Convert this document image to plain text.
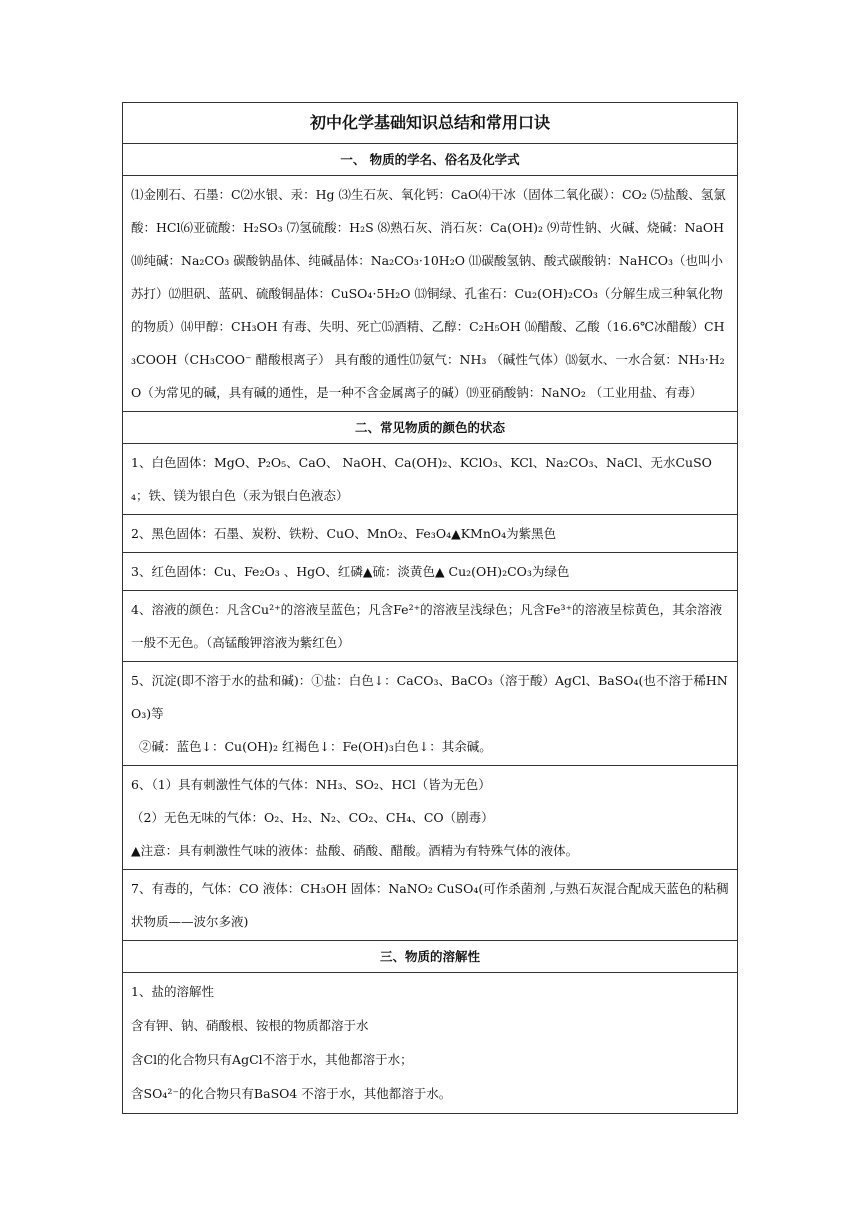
初中化学基础知识总结和常用口诀
一、 物质的学名、俗名及化学式
⑴金刚石、石墨：C⑵水银、汞：Hg ⑶生石灰、氧化钙：CaO⑷干冰（固体二氧化碳）：CO₂ ⑸盐酸、氢氯酸：HCl⑹亚硫酸：H₂SO₃ ⑺氢硫酸：H₂S ⑻熟石灰、消石灰：Ca(OH)₂ ⑼苛性钠、火碱、烧碱：NaOH ⑽纯碱：Na₂CO₃ 碳酸钠晶体、纯碱晶体：Na₂CO₃·10H₂O ⑾碳酸氢钠、酸式碳酸钠：NaHCO₃（也叫小苏打）⑿胆矾、蓝矾、硫酸铜晶体：CuSO₄·5H₂O ⒀铜绿、孔雀石：Cu₂(OH)₂CO₃（分解生成三种氧化物的物质）⒁甲醇：CH₃OH 有毒、失明、死亡⒂酒精、乙醇：C₂H₅OH ⒃醋酸、乙酸（16.6℃冰醋酸）CH₃COOH（CH₃COO⁻ 醋酸根离子） 具有酸的通性⒄氨气：NH₃ （碱性气体）⒅氨水、一水合氨：NH₃·H₂O（为常见的碱，具有碱的通性，是一种不含金属离子的碱）⒆亚硝酸钠：NaNO₂ （工业用盐、有毒）
二、常见物质的颜色的状态
1、白色固体：MgO、P₂O₅、CaO、 NaOH、Ca(OH)₂、KClO₃、KCl、Na₂CO₃、NaCl、无水CuSO₄；铁、镁为银白色（汞为银白色液态）
2、黑色固体：石墨、炭粉、铁粉、CuO、MnO₂、Fe₃O₄▲KMnO₄为紫黑色
3、红色固体：Cu、Fe₂O₃ 、HgO、红磷▲硫：淡黄色▲ Cu₂(OH)₂CO₃为绿色
4、溶液的颜色：凡含Cu²⁺的溶液呈蓝色；凡含Fe²⁺的溶液呈浅绿色；凡含Fe³⁺的溶液呈棕黄色，其余溶液一般不无色。（高锰酸钾溶液为紫红色）

5、沉淀(即不溶于水的盐和碱)：①盐：白色↓：CaCO₃、BaCO₃（溶于酸）AgCl、BaSO₄(也不溶于稀HNO₃)等
②碱：蓝色↓：Cu(OH)₂ 红褐色↓：Fe(OH)₃白色↓：其余碱。

6、（1）具有刺激性气体的气体：NH₃、SO₂、HCl（皆为无色）
（2）无色无味的气体：O₂、H₂、N₂、CO₂、CH₄、CO（剧毒）
▲注意：具有刺激性气味的液体：盐酸、硝酸、醋酸。酒精为有特殊气体的液体。

7、有毒的，气体：CO 液体：CH₃OH 固体：NaNO₂ CuSO₄(可作杀菌剂 ,与熟石灰混合配成天蓝色的粘稠状物质——波尔多液)
三、物质的溶解性

1、盐的溶解性
含有钾、钠、硝酸根、铵根的物质都溶于水
含Cl的化合物只有AgCl不溶于水，其他都溶于水；
含SO₄²⁻的化合物只有BaSO4 不溶于水，其他都溶于水。
